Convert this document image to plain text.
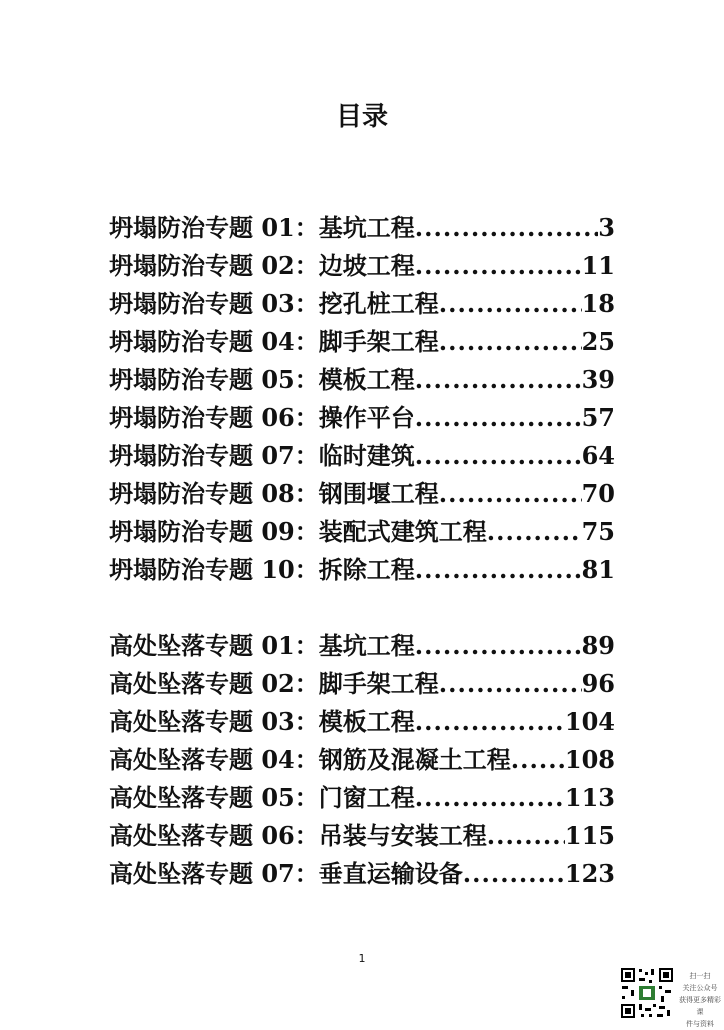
目录
坍塌防治专题 01：基坑工程 .....	3
坍塌防治专题 02：边坡工程 .....	11
坍塌防治专题 03：挖孔桩工程 .....	18
坍塌防治专题 04：脚手架工程 .....	25
坍塌防治专题 05：模板工程 .....	39
坍塌防治专题 06：操作平台 .....	57
坍塌防治专题 07：临时建筑 .....	64
坍塌防治专题 08：钢围堰工程 .....	70
坍塌防治专题 09：装配式建筑工程 .....	75
坍塌防治专题 10：拆除工程 .....	81
高处坠落专题 01：基坑工程 .....	89
高处坠落专题 02：脚手架工程 .....	96
高处坠落专题 03：模板工程 .....	104
高处坠落专题 04：钢筋及混凝土工程 ..... 108
高处坠落专题 05：门窗工程 .....	113
高处坠落专题 06：吊装与安装工程 .....	115
高处坠落专题 07：垂直运输设备 .....	123
1
扫一扫
关注公众号
获得更多精彩课
件与资料
